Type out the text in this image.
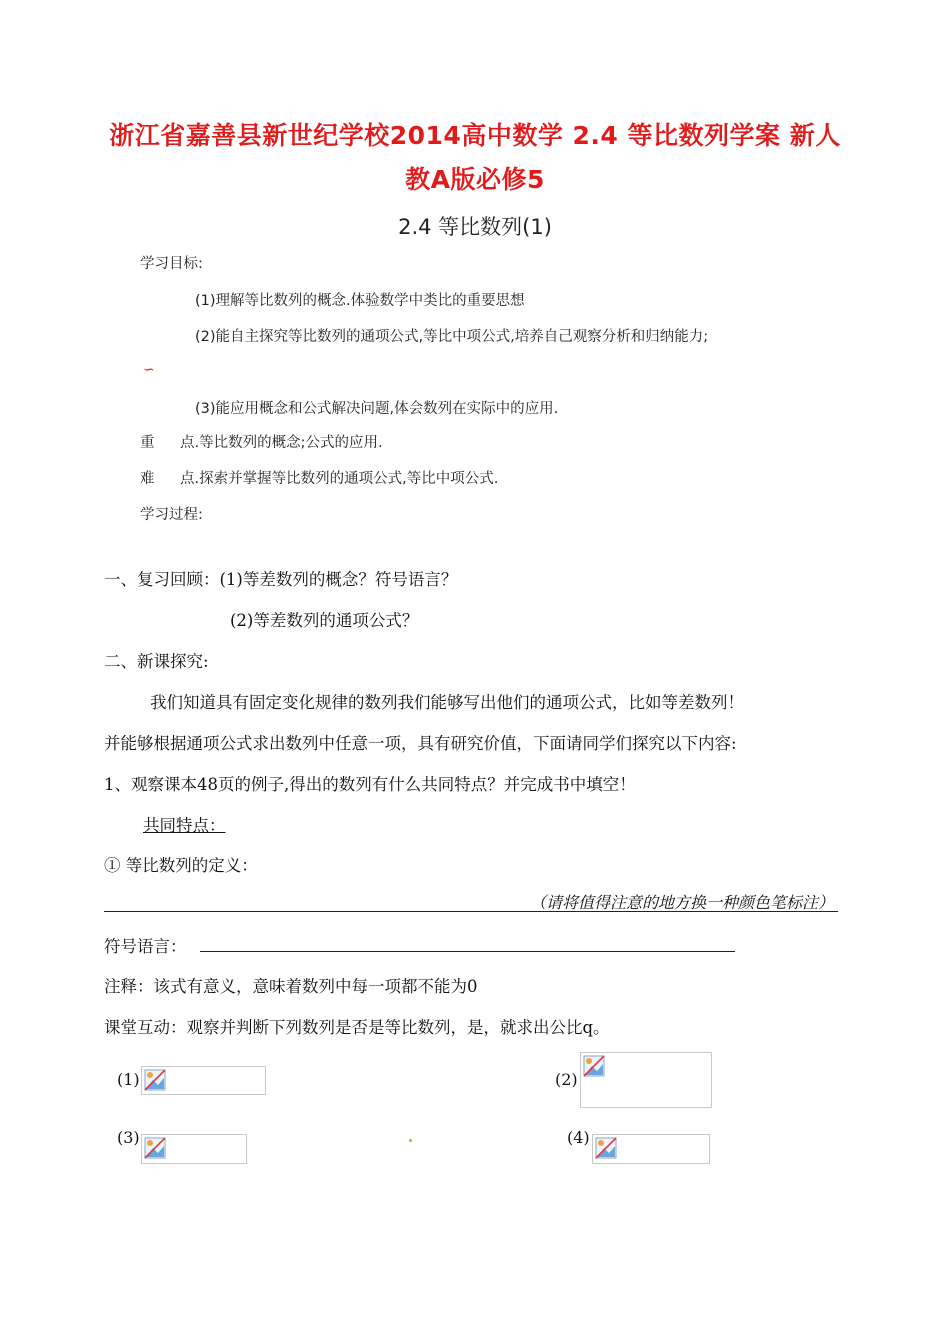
浙江省嘉善县新世纪学校2014高中数学 2.4 等比数列学案 新人
教A版必修5
2.4 等比数列(1)
学习目标:
(1)理解等比数列的概念.体验数学中类比的重要思想
(2)能自主探究等比数列的通项公式,等比中项公式,培养自己观察分析和归纳能力;
∽
(3)能应用概念和公式解决问题,体会数列在实际中的应用.
重 点.等比数列的概念;公式的应用.
难 点.探索并掌握等比数列的通项公式,等比中项公式.
学习过程:
一、复习回顾：(1)等差数列的概念？符号语言？
(2)等差数列的通项公式？
二、新课探究:
我们知道具有固定变化规律的数列我们能够写出他们的通项公式，比如等差数列！
并能够根据通项公式求出数列中任意一项，具有研究价值，下面请同学们探究以下内容:
1、观察课本48页的例子,得出的数列有什么共同特点？并完成书中填空！
共同特点：
① 等比数列的定义：
（请将值得注意的地方换一种颜色笔标注）
符号语言：
注释：该式有意义，意味着数列中每一项都不能为0
课堂互动：观察并判断下列数列是否是等比数列，是，就求出公比q。
(1)	(2)
(3)	(4)
